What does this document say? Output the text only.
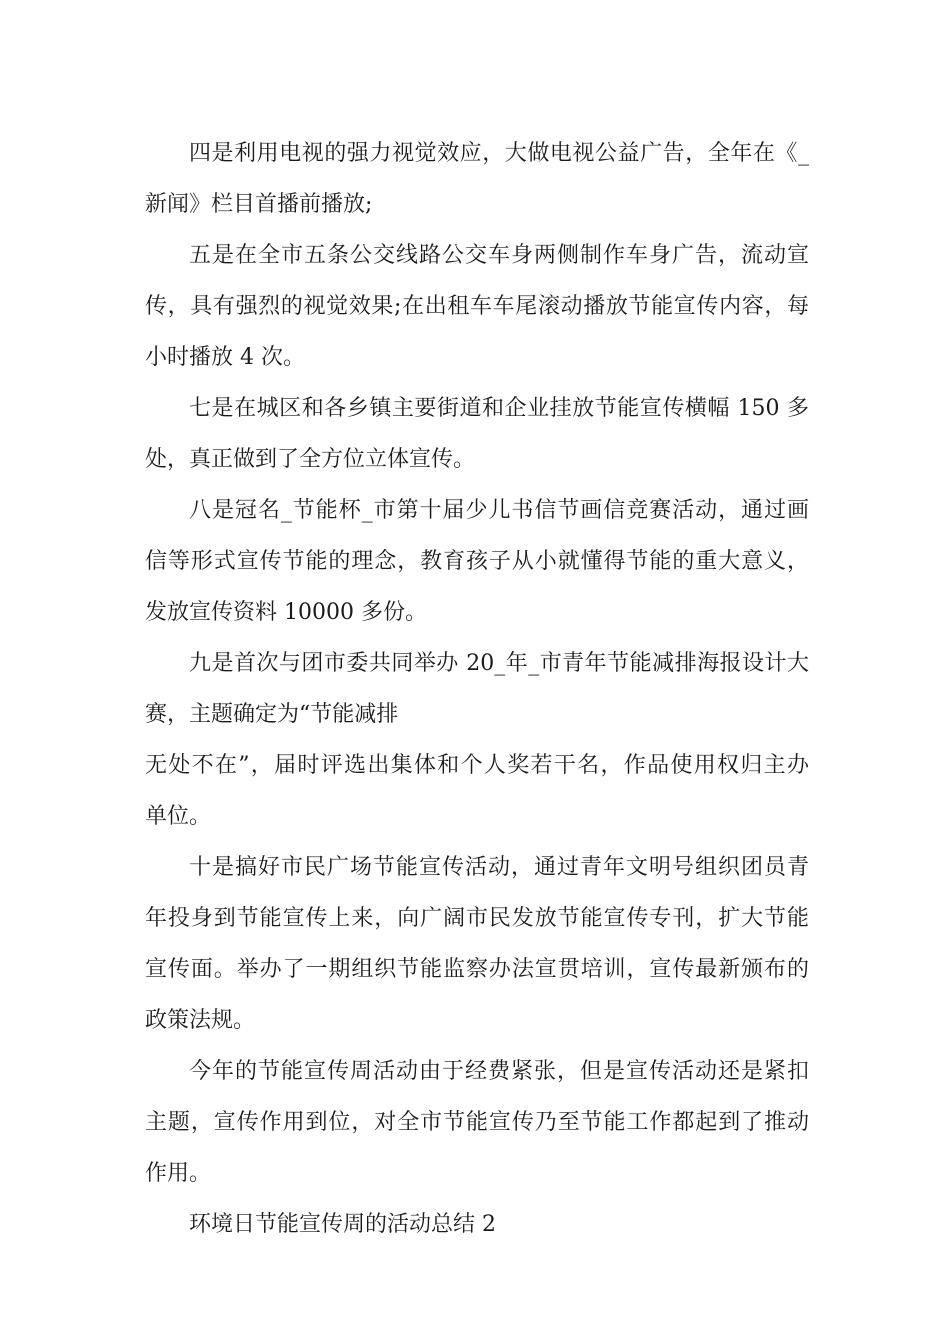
四是利用电视的强力视觉效应，大做电视公益广告，全年在《_
新闻》栏目首播前播放;
五是在全市五条公交线路公交车身两侧制作车身广告，流动宣
传，具有强烈的视觉效果;在出租车车尾滚动播放节能宣传内容，每
小时播放 4 次。
七是在城区和各乡镇主要街道和企业挂放节能宣传横幅 150 多
处，真正做到了全方位立体宣传。
八是冠名_节能杯_市第十届少儿书信节画信竞赛活动，通过画
信等形式宣传节能的理念，教育孩子从小就懂得节能的重大意义，
发放宣传资料 10000 多份。
九是首次与团市委共同举办 20_年_市青年节能减排海报设计大
赛，主题确定为“节能减排
无处不在”，届时评选出集体和个人奖若干名，作品使用权归主办
单位。
十是搞好市民广场节能宣传活动，通过青年文明号组织团员青
年投身到节能宣传上来，向广阔市民发放节能宣传专刊，扩大节能
宣传面。举办了一期组织节能监察办法宣贯培训，宣传最新颁布的
政策法规。
今年的节能宣传周活动由于经费紧张，但是宣传活动还是紧扣
主题，宣传作用到位，对全市节能宣传乃至节能工作都起到了推动
作用。
环境日节能宣传周的活动总结 2
